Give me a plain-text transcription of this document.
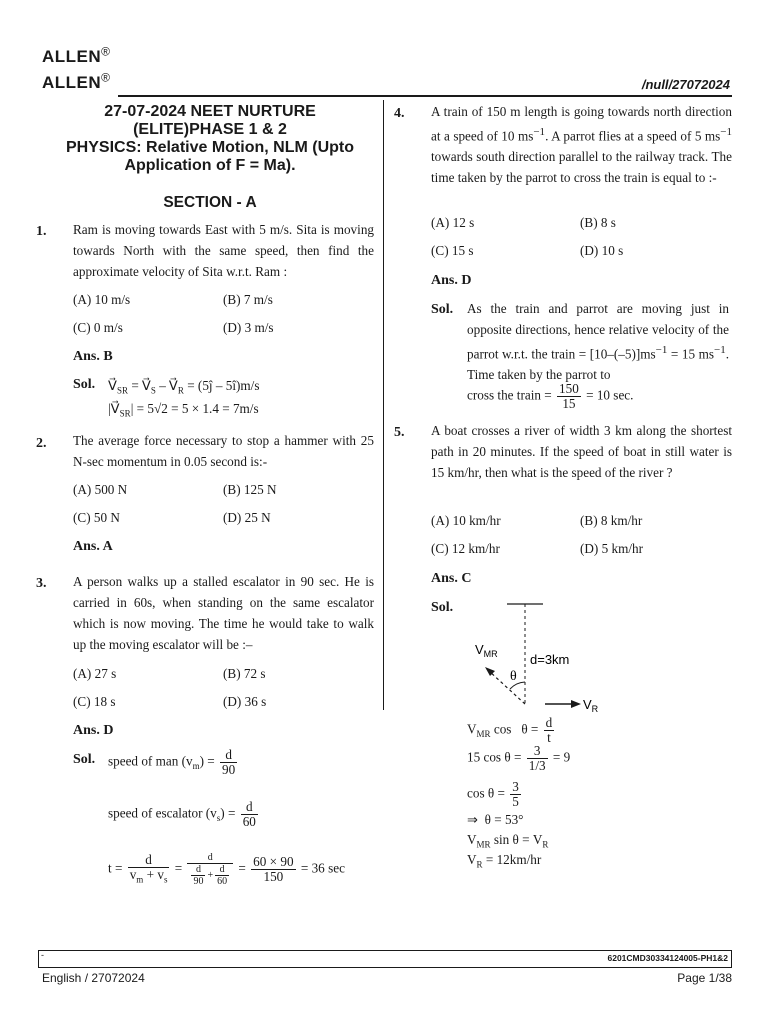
ALLEN®
ALLEN®	/null/27072024
27-07-2024 NEET NURTURE
(ELITE)PHASE 1 & 2
PHYSICS: Relative Motion, NLM (Upto
Application of F = Ma).
SECTION - A
1. Ram is moving towards East with 5 m/s. Sita is moving towards North with the same speed, then find the approximate velocity of Sita w.r.t. Ram :
(A) 10 m/s	(B) 7 m/s
(C) 0 m/s	(D) 3 m/s
Ans. B
Sol. $V⃗_{SR}$ = $V⃗_S$ – $V⃗_R$ = (5ĵ – 5î)m/s
$|V⃗_{SR}| = 5√2 = 5 \times 1.4 = 7m/s$
2. The average force necessary to stop a hammer with 25 N-sec momentum in 0.05 second is:-
(A) 500 N	(B) 125 N
(C) 50 N	(D) 25 N
Ans. A
3. A person walks up a stalled escalator in 90 sec. He is carried in 60s, when standing on the same escalator which is now moving. The time he would take to walk up the moving escalator will be :–
(A) 27 s	(B) 72 s
(C) 18 s	(D) 36 s
Ans. D
Sol. speed of man $(v_m) = \frac{d}{90}$
speed of escalator $(v_s) = \frac{d}{60}$
$t = \frac{d}{v_m + v_s} = \frac{d}{\frac{d}{90} + \frac{d}{60}} = \frac{60 \times 90}{150} = 36$ sec
4. A train of 150 m length is going towards north direction at a speed of 10 $ms^{-1}$. A parrot flies at a speed of 5 $ms^{-1}$ towards south direction parallel to the railway track. The time taken by the parrot to cross the train is equal to :-
(A) 12 s	(B) 8 s
(C) 15 s	(D) 10 s
Ans. D
Sol. As the train and parrot are moving just in opposite directions, hence relative velocity of the parrot w.r.t. the train = $[10-(-5)]ms^{-1} = 15$ $ms^{-1}$. Time taken by the parrot to
cross the train = $\frac{150}{15} = 10$ sec.
5. A boat crosses a river of width 3 km along the shortest path in 20 minutes. If the speed of boat in still water is 15 km/hr, then what is the speed of the river ?
(A) 10 km/hr	(B) 8 km/hr
(C) 12 km/hr	(D) 5 km/hr
Ans. C
Sol.
$V_{MR}$
θ
d=3km
$V_R$
$V_{MR}$ $\cos \theta = \frac{d}{t}$
15 $\cos \theta = \frac{3}{1/3} = 9$
$\cos \theta = \frac{3}{5}$
⇒  θ = 53°
$V_{MR}$ $\sin \theta = V_R$
$V_R = 12km/hr$
-	6201CMD30334124005-PH1&2
English / 27072024	Page 1/38
